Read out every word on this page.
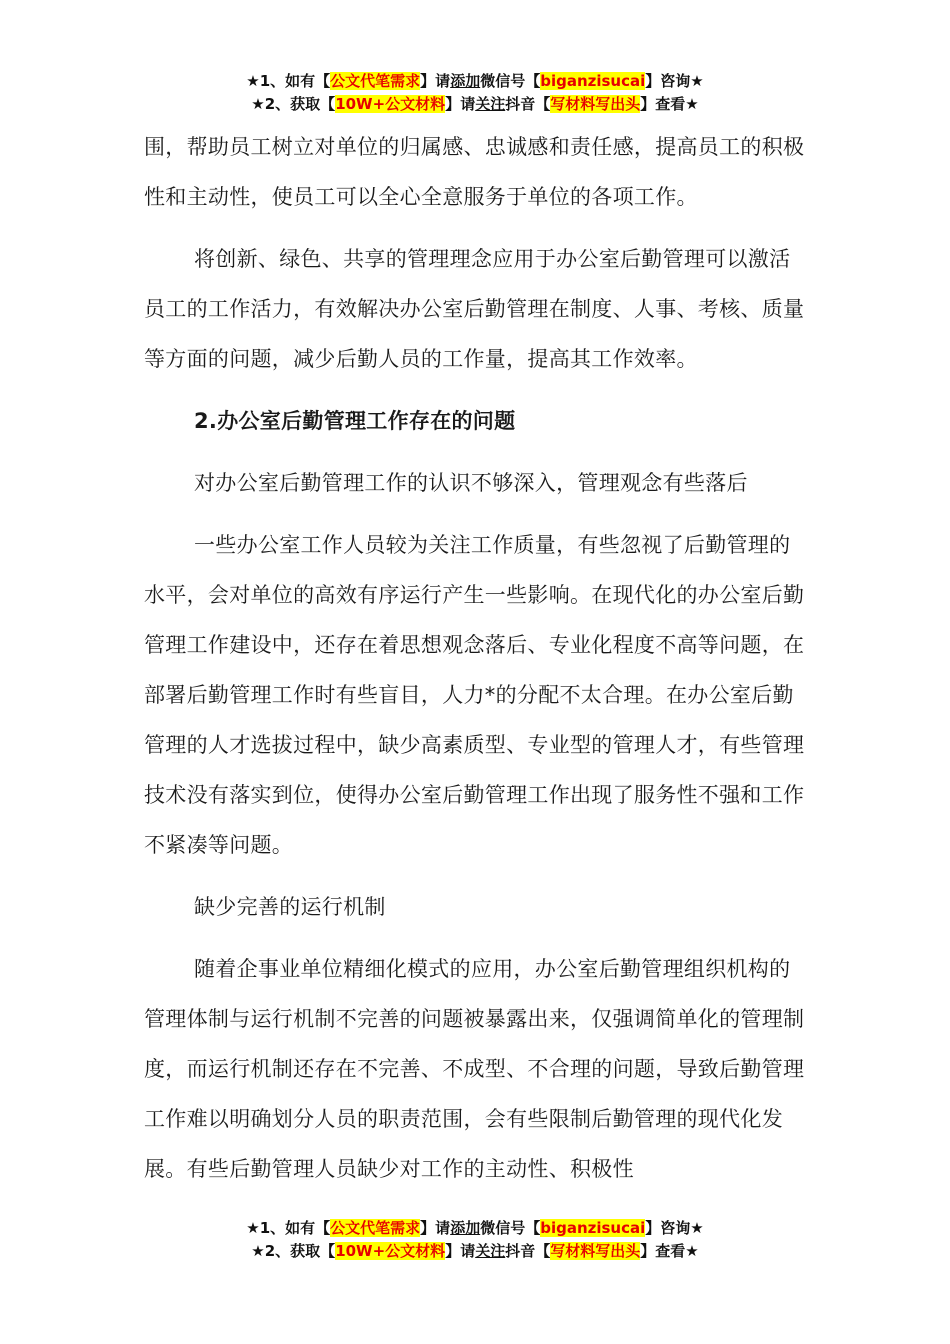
★1、如有【公文代笔需求】请添加微信号【biganzisucai】咨询★
★2、获取【10W+公文材料】请关注抖音【写材料写出头】查看★

围，帮助员工树立对单位的归属感、忠诚感和责任感，提高员工的积极性和主动性，使员工可以全心全意服务于单位的各项工作。

将创新、绿色、共享的管理理念应用于办公室后勤管理可以激活员工的工作活力，有效解决办公室后勤管理在制度、人事、考核、质量等方面的问题，减少后勤人员的工作量，提高其工作效率。

2.办公室后勤管理工作存在的问题

对办公室后勤管理工作的认识不够深入，管理观念有些落后

一些办公室工作人员较为关注工作质量，有些忽视了后勤管理的水平，会对单位的高效有序运行产生一些影响。在现代化的办公室后勤管理工作建设中，还存在着思想观念落后、专业化程度不高等问题，在部署后勤管理工作时有些盲目，人力*的分配不太合理。在办公室后勤管理的人才选拔过程中，缺少高素质型、专业型的管理人才，有些管理技术没有落实到位，使得办公室后勤管理工作出现了服务性不强和工作不紧凑等问题。

缺少完善的运行机制

随着企事业单位精细化模式的应用，办公室后勤管理组织机构的管理体制与运行机制不完善的问题被暴露出来，仅强调简单化的管理制度，而运行机制还存在不完善、不成型、不合理的问题，导致后勤管理工作难以明确划分人员的职责范围，会有些限制后勤管理的现代化发展。有些后勤管理人员缺少对工作的主动性、积极性

★1、如有【公文代笔需求】请添加微信号【biganzisucai】咨询★
★2、获取【10W+公文材料】请关注抖音【写材料写出头】查看★
